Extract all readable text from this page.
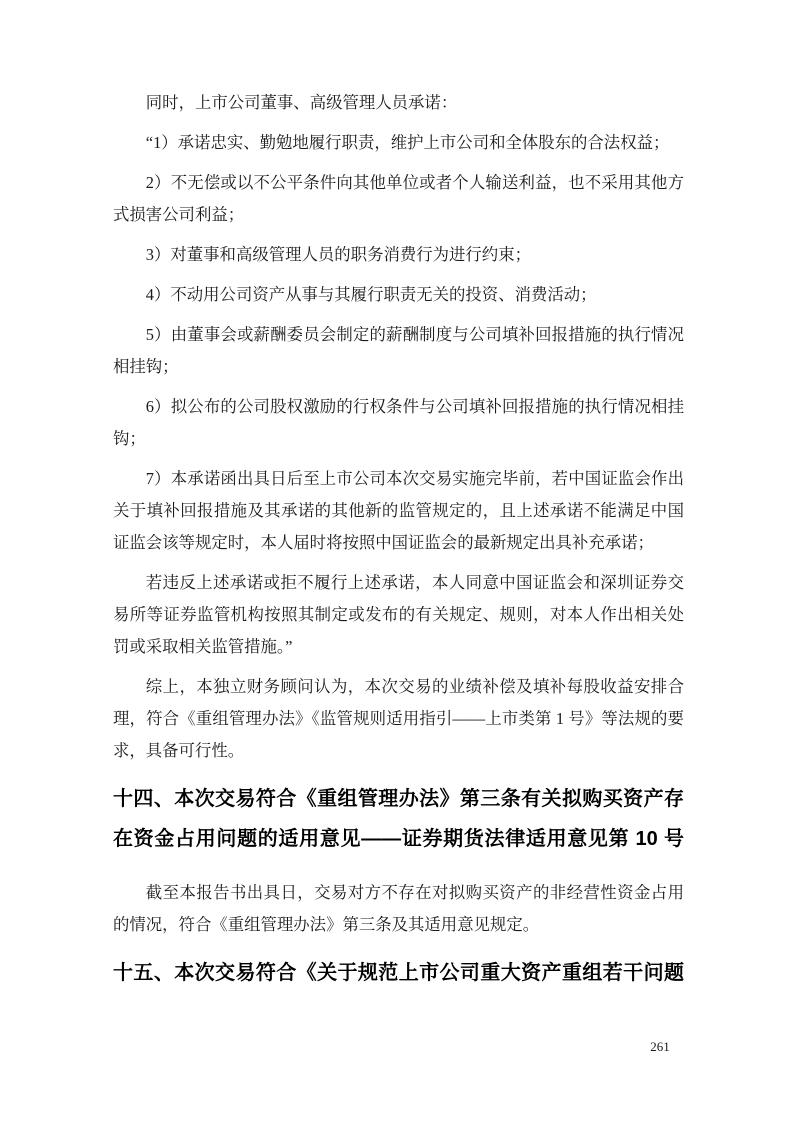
同时，上市公司董事、高级管理人员承诺：

“1）承诺忠实、勤勉地履行职责，维护上市公司和全体股东的合法权益；

2）不无偿或以不公平条件向其他单位或者个人输送利益，也不采用其他方式损害公司利益；

3）对董事和高级管理人员的职务消费行为进行约束；

4）不动用公司资产从事与其履行职责无关的投资、消费活动；

5）由董事会或薪酬委员会制定的薪酬制度与公司填补回报措施的执行情况相挂钩；

6）拟公布的公司股权激励的行权条件与公司填补回报措施的执行情况相挂钩；

7）本承诺函出具日后至上市公司本次交易实施完毕前，若中国证监会作出关于填补回报措施及其承诺的其他新的监管规定的，且上述承诺不能满足中国证监会该等规定时，本人届时将按照中国证监会的最新规定出具补充承诺；

若违反上述承诺或拒不履行上述承诺，本人同意中国证监会和深圳证券交易所等证券监管机构按照其制定或发布的有关规定、规则，对本人作出相关处罚或采取相关监管措施。”

综上，本独立财务顾问认为，本次交易的业绩补偿及填补每股收益安排合理，符合《重组管理办法》《监管规则适用指引——上市类第 1 号》等法规的要求，具备可行性。

十四、本次交易符合《重组管理办法》第三条有关拟购买资产存在资金占用问题的适用意见——证券期货法律适用意见第 10 号

截至本报告书出具日，交易对方不存在对拟购买资产的非经营性资金占用的情况，符合《重组管理办法》第三条及其适用意见规定。

十五、本次交易符合《关于规范上市公司重大资产重组若干问题
261
